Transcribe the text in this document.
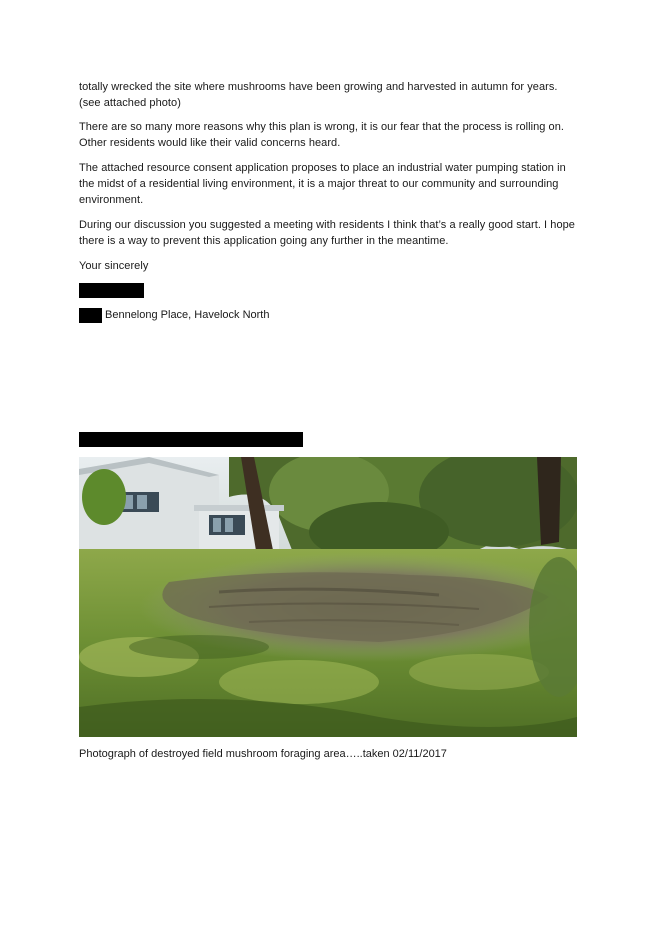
totally wrecked the site where mushrooms have been growing and harvested in autumn for years. (see attached photo)
There are so many more reasons why this plan is wrong, it is our fear that the process is rolling on. Other residents would like their valid concerns heard.
The attached resource consent application proposes to place an industrial water pumping station in the midst of a residential living environment, it is a major threat to our community and surrounding environment.
During our discussion you suggested a meeting with residents I think that’s a really good start. I hope there is a way to prevent this application going any further in the meantime.
Your sincerely
Bennelong Place, Havelock North
Photograph of destroyed field mushroom foraging area…..taken 02/11/2017
